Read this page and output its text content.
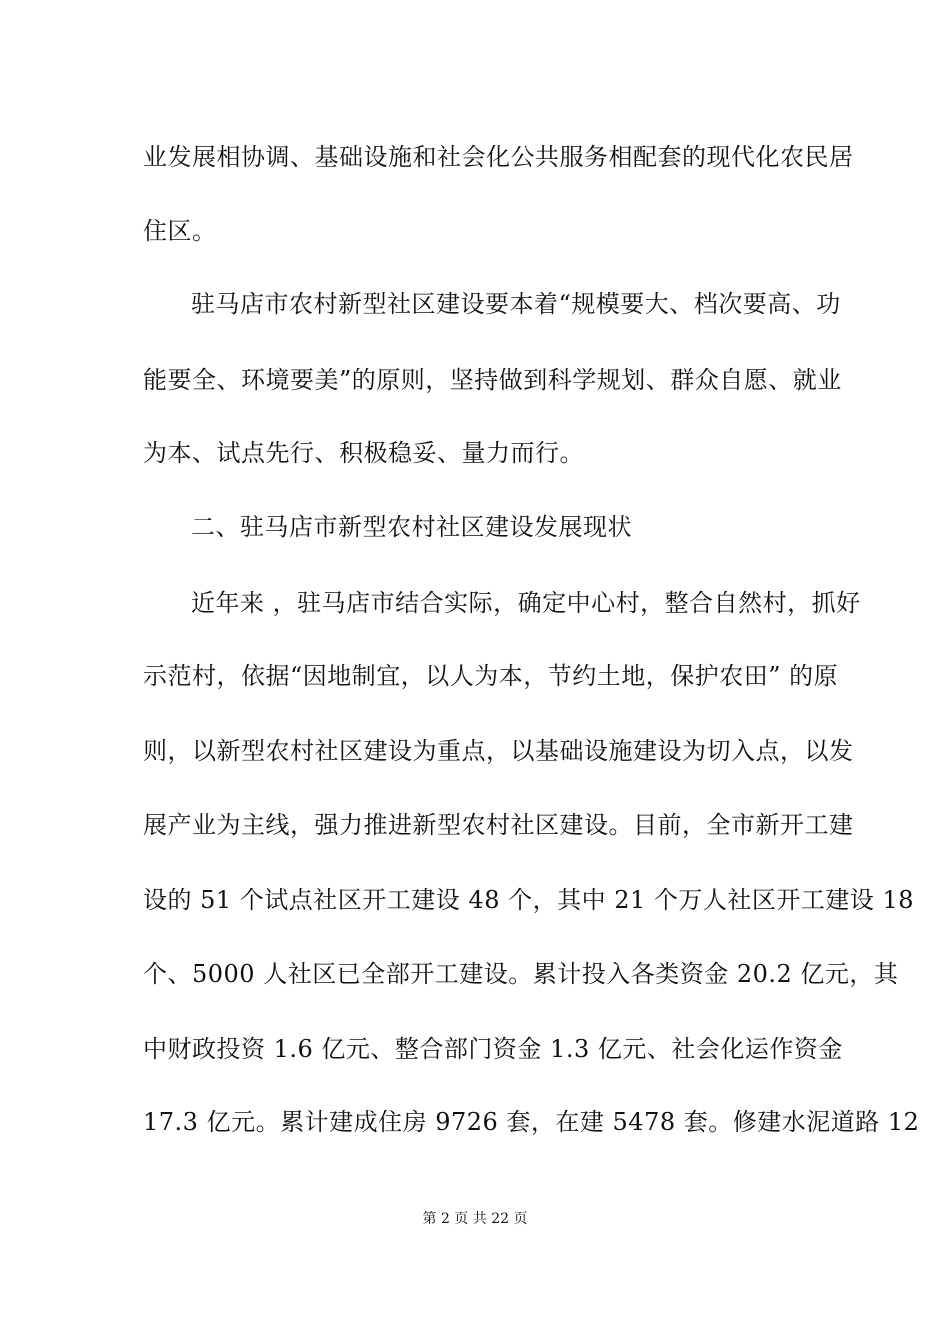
业发展相协调、基础设施和社会化公共服务相配套的现代化农民居
住区。
驻马店市农村新型社区建设要本着“规模要大、档次要高、功
能要全、环境要美”的原则，坚持做到科学规划、群众自愿、就业
为本、试点先行、积极稳妥、量力而行。
二、驻马店市新型农村社区建设发展现状
近年来 ，驻马店市结合实际，确定中心村，整合自然村，抓好
示范村，依据“因地制宜，以人为本，节约土地，保护农田” 的原
则，以新型农村社区建设为重点，以基础设施建设为切入点，以发
展产业为主线，强力推进新型农村社区建设。目前，全市新开工建
设的 51 个试点社区开工建设 48 个，其中 21 个万人社区开工建设 18
个、5000 人社区已全部开工建设。累计投入各类资金 20.2 亿元，其
中财政投资 1.6 亿元、整合部门资金 1.3 亿元、社会化运作资金
17.3 亿元。累计建成住房 9726 套，在建 5478 套。修建水泥道路 12
第 2 页 共 22 页
